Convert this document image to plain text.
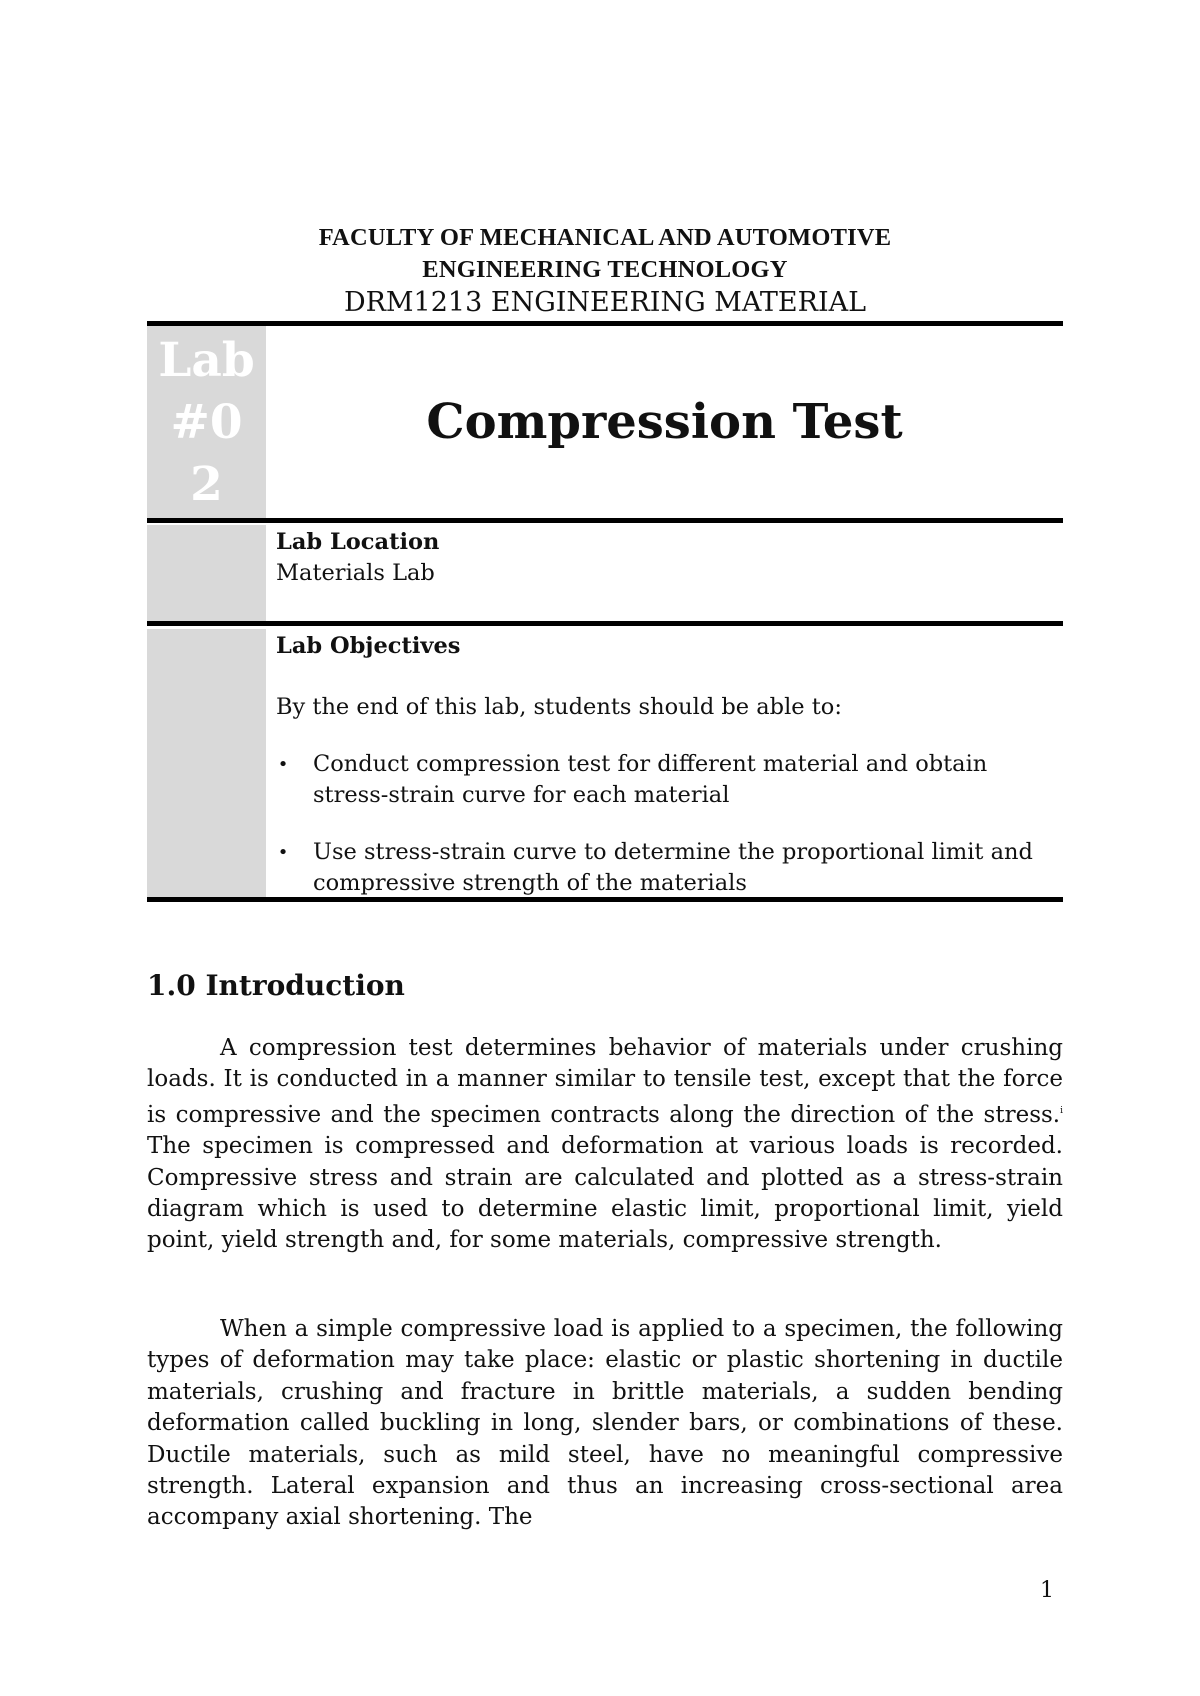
FACULTY OF MECHANICAL AND AUTOMOTIVE
ENGINEERING TECHNOLOGY
DRM1213 ENGINEERING MATERIAL
Lab
#0
2
Compression Test
Lab Location
Materials Lab
Lab Objectives
By the end of this lab, students should be able to:
• Conduct compression test for different material and obtain stress-strain curve for each material
• Use stress-strain curve to determine the proportional limit and compressive strength of the materials
1.0 Introduction

A compression test determines behavior of materials under crushing loads. It is conducted in a manner similar to tensile test, except that the force is compressive and the specimen contracts along the direction of the stress.$^i$ The specimen is compressed and deformation at various loads is recorded. Compressive stress and strain are calculated and plotted as a stress-strain diagram which is used to determine elastic limit, proportional limit, yield point, yield strength and, for some materials, compressive strength.

When a simple compressive load is applied to a specimen, the following types of deformation may take place: elastic or plastic shortening in ductile materials, crushing and fracture in brittle materials, a sudden bending deformation called buckling in long, slender bars, or combinations of these. Ductile materials, such as mild steel, have no meaningful compressive strength. Lateral expansion and thus an increasing cross-sectional area accompany axial shortening. The

1
